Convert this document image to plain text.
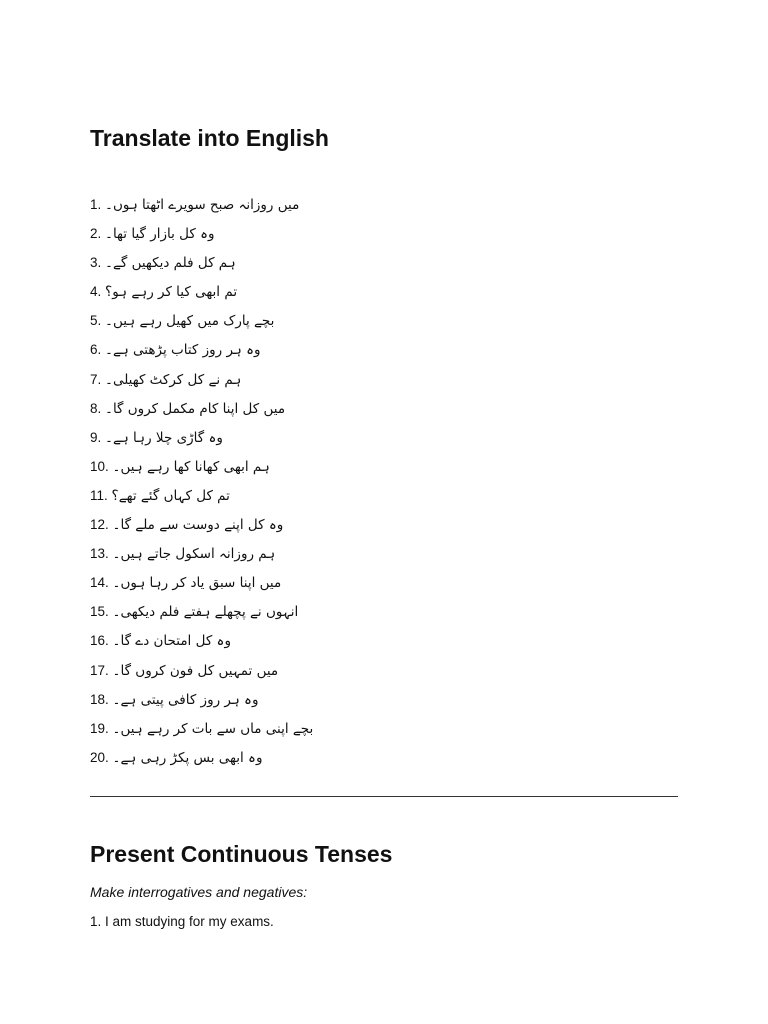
Translate into English
1. میں روزانہ صبح سویرے اٹھتا ہوں۔
2. وہ کل بازار گیا تھا۔
3. ہم کل فلم دیکھیں گے۔
4. تم ابھی کیا کر رہے ہو؟
5. بچے پارک میں کھیل رہے ہیں۔
6. وہ ہر روز کتاب پڑھتی ہے۔
7. ہم نے کل کرکٹ کھیلی۔
8. میں کل اپنا کام مکمل کروں گا۔
9. وہ گاڑی چلا رہا ہے۔
10. ہم ابھی کھانا کھا رہے ہیں۔
11. تم کل کہاں گئے تھے؟
12. وہ کل اپنے دوست سے ملے گا۔
13. ہم روزانہ اسکول جاتے ہیں۔
14. میں اپنا سبق یاد کر رہا ہوں۔
15. انہوں نے پچھلے ہفتے فلم دیکھی۔
16. وہ کل امتحان دے گا۔
17. میں تمہیں کل فون کروں گا۔
18. وہ ہر روز کافی پیتی ہے۔
19. بچے اپنی ماں سے بات کر رہے ہیں۔
20. وہ ابھی بس پکڑ رہی ہے۔
Present Continuous Tenses
Make interrogatives and negatives:
1. I am studying for my exams.
